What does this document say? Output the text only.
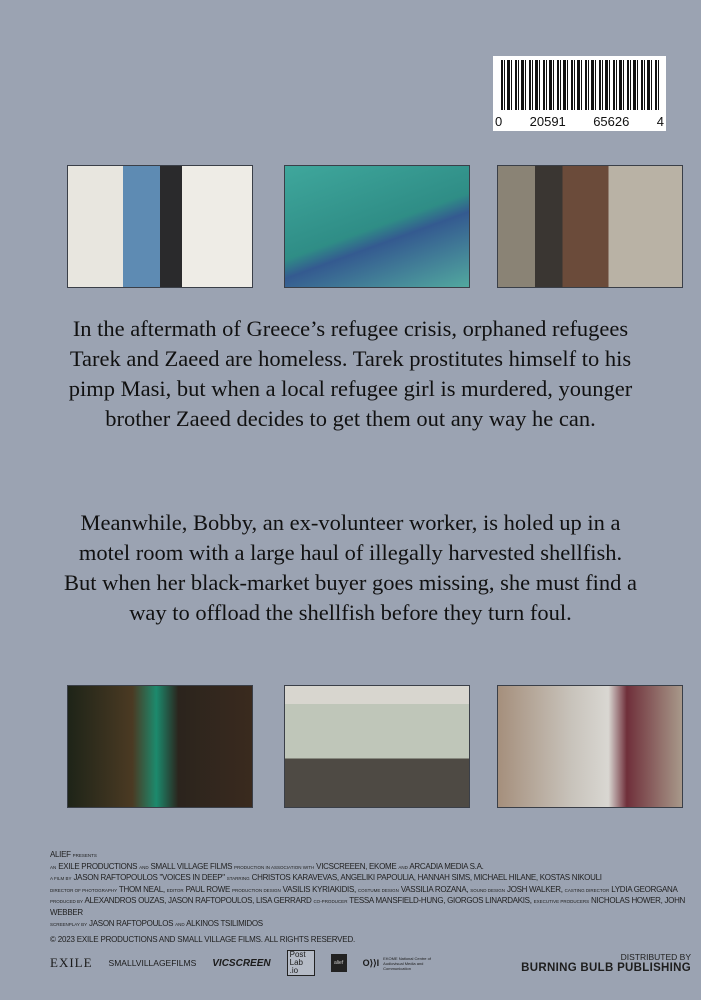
0 20591 65626 4
In the aftermath of Greece’s refugee crisis, orphaned refugees Tarek and Zaeed are homeless. Tarek prostitutes himself to his pimp Masi, but when a local refugee girl is murdered, younger brother Zaeed decides to get them out any way he can.
Meanwhile, Bobby, an ex-volunteer worker, is holed up in a motel room with a large haul of illegally harvested shellfish. But when her black-market buyer goes missing, she must find a way to offload the shellfish before they turn foul.
ALIEF PRESENTS
AN EXILE PRODUCTIONS AND SMALL VILLAGE FILMS PRODUCTION IN ASSOCIATION WITH VICSCREEEN, EKOME AND ARCADIA MEDIA S.A.
A FILM BY JASON RAFTOPOULOS "VOICES IN DEEP" STARRING CHRISTOS KARAVEVAS, ANGELIKI PAPOULIA, HANNAH SIMS, MICHAEL HILANE, KOSTAS NIKOULI
DIRECTOR OF PHOTOGRAPHY THOM NEAL, EDITOR PAUL ROWE PRODUCTION DESIGN VASILIS KYRIAKIDIS, COSTUME DESIGN VASSILIA ROZANA, SOUND DESIGN JOSH WALKER, CASTING DIRECTOR LYDIA GEORGANA
PRODUCED BY ALEXANDROS OUZAS, JASON RAFTOPOULOS, LISA GERRARD CO-PRODUCER TESSA MANSFIELD-HUNG, GIORGOS LINARDAKIS, EXECUTIVE PRODUCERS NICHOLAS HOWER, JOHN WEBBER
SCREENPLAY BY JASON RAFTOPOULOS AND ALKINOS TSILIMIDOS
© 2023 EXILE PRODUCTIONS AND SMALL VILLAGE FILMS. ALL RIGHTS RESERVED.
EXILE SMALLVILLAGEFILMS VICSCREEN
Post Lab .io
alief	O⟩⟩I EKOME National Centre of Audiovisual Media and Communication
DISTRIBUTED BY
BURNING BULB PUBLISHING
